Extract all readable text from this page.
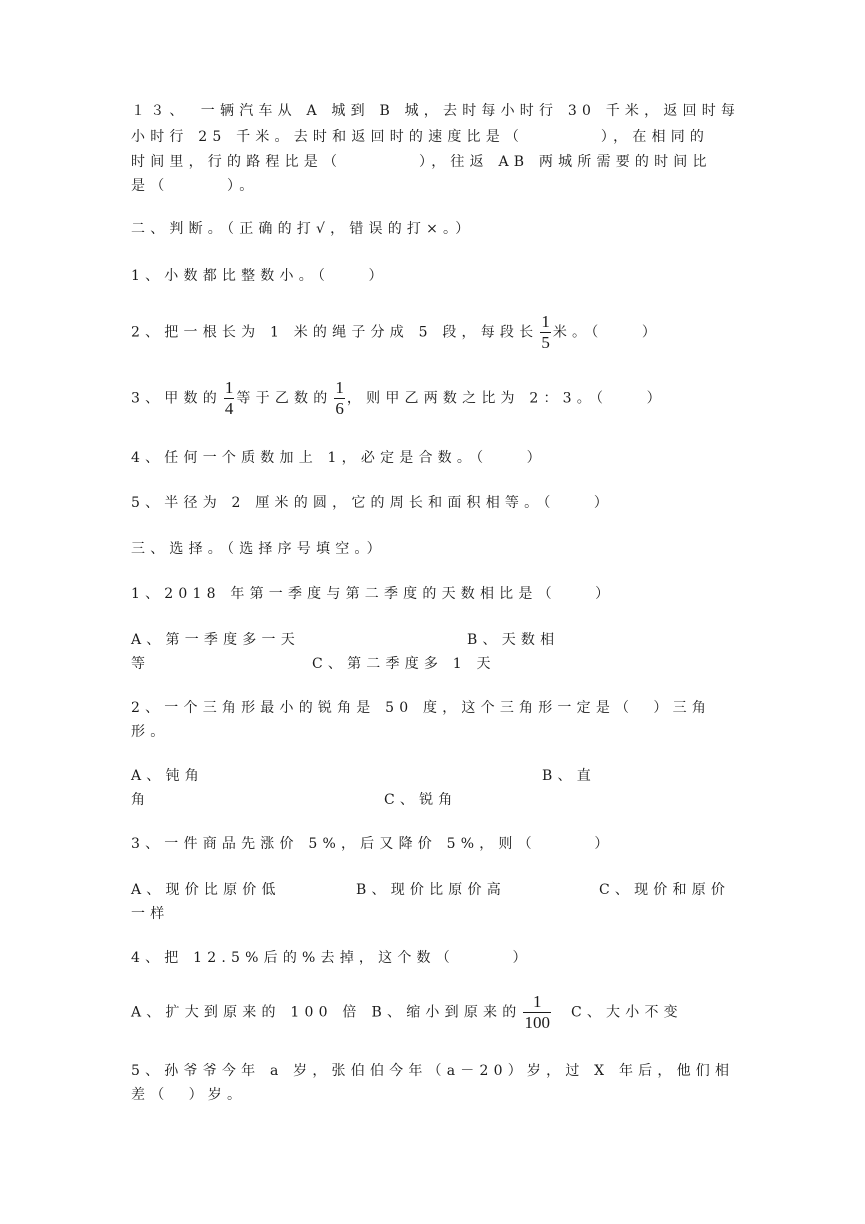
１３、　一辆汽车从 A 城到 B 城，去时每小时行 30 千米，返回时每
小时行 25 千米。去时和返回时的速度比是（　　　　），在相同的
时间里，行的路程比是（　　　　），往返 AB 两城所需要的时间比
是（　　　）。
二、判断。（正确的打√，错误的打×。）
1、小数都比整数小。（　　）
2、把一根长为 1 米的绳子分成 5 段，每段长 $\frac{1}{5}$ 米。（　　）
3、甲数的 $\frac{1}{4}$ 等于乙数的 $\frac{1}{6}$ ，则甲乙两数之比为 2：3。（　　）
4、任何一个质数加上 1，必定是合数。（　　）
5、半径为 2 厘米的圆，它的周长和面积相等。（　　）
三、选择。（选择序号填空。）
1、2018 年第一季度与第二季度的天数相比是（　　）
A、第一季度多一天	B、天数相
等	C、第二季度多 1 天
2、一个三角形最小的锐角是 50 度，这个三角形一定是（　）三角
形。
A、钝角	B、直
角	C、锐角
3、一件商品先涨价 5%，后又降价 5%，则（　　　）
A、现价比原价低	B、现价比原价高	C、现价和原价
一样
4、把 12.5%后的%去掉，这个数（　　　）
A、扩大到原来的 100 倍 B、缩小到原来的 $\frac{1}{100}$ C、大小不变
5、孙爷爷今年 a 岁，张伯伯今年（a－20）岁，过 X 年后，他们相
差（　）岁。
